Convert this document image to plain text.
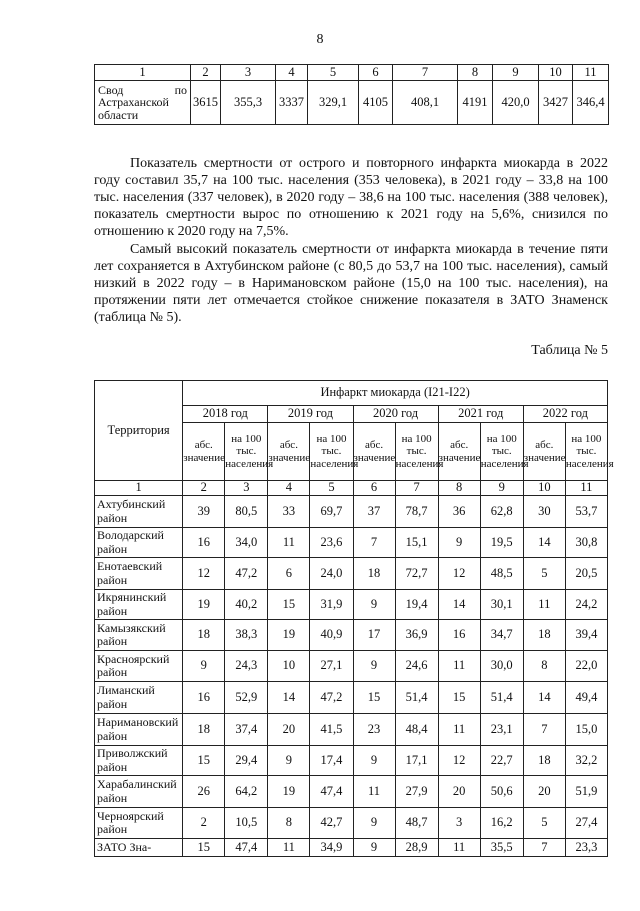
8
1	2	3	4	5	6	7	8	9	10	11
Свод по Астраханской области	3615	355,3	3337	329,1	4105	408,1	4191	420,0	3427	346,4

Показатель смертности от острого и повторного инфаркта миокарда в 2022 году составил 35,7 на 100 тыс. населения (353 человека), в 2021 году – 33,8 на 100 тыс. населения (337 человек), в 2020 году – 38,6 на 100 тыс. населения (388 человек), показатель смертности вырос по отношению к 2021 году на 5,6%, снизился по отношению к 2020 году на 7,5%.

Самый высокий показатель смертности от инфаркта миокарда в течение пяти лет сохраняется в Ахтубинском районе (с 80,5 до 53,7 на 100 тыс. населения), самый низкий в 2022 году – в Наримановском районе (15,0 на 100 тыс. населения), на протяжении пяти лет отмечается стойкое снижение показателя в ЗАТО Знаменск (таблица № 5).

Таблица № 5
Территория	Инфаркт миокарда (I21-I22)									
	2018 год		2019 год		2020 год		2021 год		2022 год	
	абс. значение	на 100 тыс. населения	абс. значение	на 100 тыс. населения	абс. значение	на 100 тыс. населения	абс. значение	на 100 тыс. населения	абс. значение	на 100 тыс. населения
1	2	3	4	5	6	7	8	9	10	11
Ахтубинский район	39	80,5	33	69,7	37	78,7	36	62,8	30	53,7
Володарский район	16	34,0	11	23,6	7	15,1	9	19,5	14	30,8
Енотаевский район	12	47,2	6	24,0	18	72,7	12	48,5	5	20,5
Икрянинский район	19	40,2	15	31,9	9	19,4	14	30,1	11	24,2
Камызякский район	18	38,3	19	40,9	17	36,9	16	34,7	18	39,4
Красноярский район	9	24,3	10	27,1	9	24,6	11	30,0	8	22,0
Лиманский район	16	52,9	14	47,2	15	51,4	15	51,4	14	49,4
Наримановский район	18	37,4	20	41,5	23	48,4	11	23,1	7	15,0
Приволжский район	15	29,4	9	17,4	9	17,1	12	22,7	18	32,2
Харабалинский район	26	64,2	19	47,4	11	27,9	20	50,6	20	51,9
Черноярский район	2	10,5	8	42,7	9	48,7	3	16,2	5	27,4
ЗАТО Зна-	15	47,4	11	34,9	9	28,9	11	35,5	7	23,3
